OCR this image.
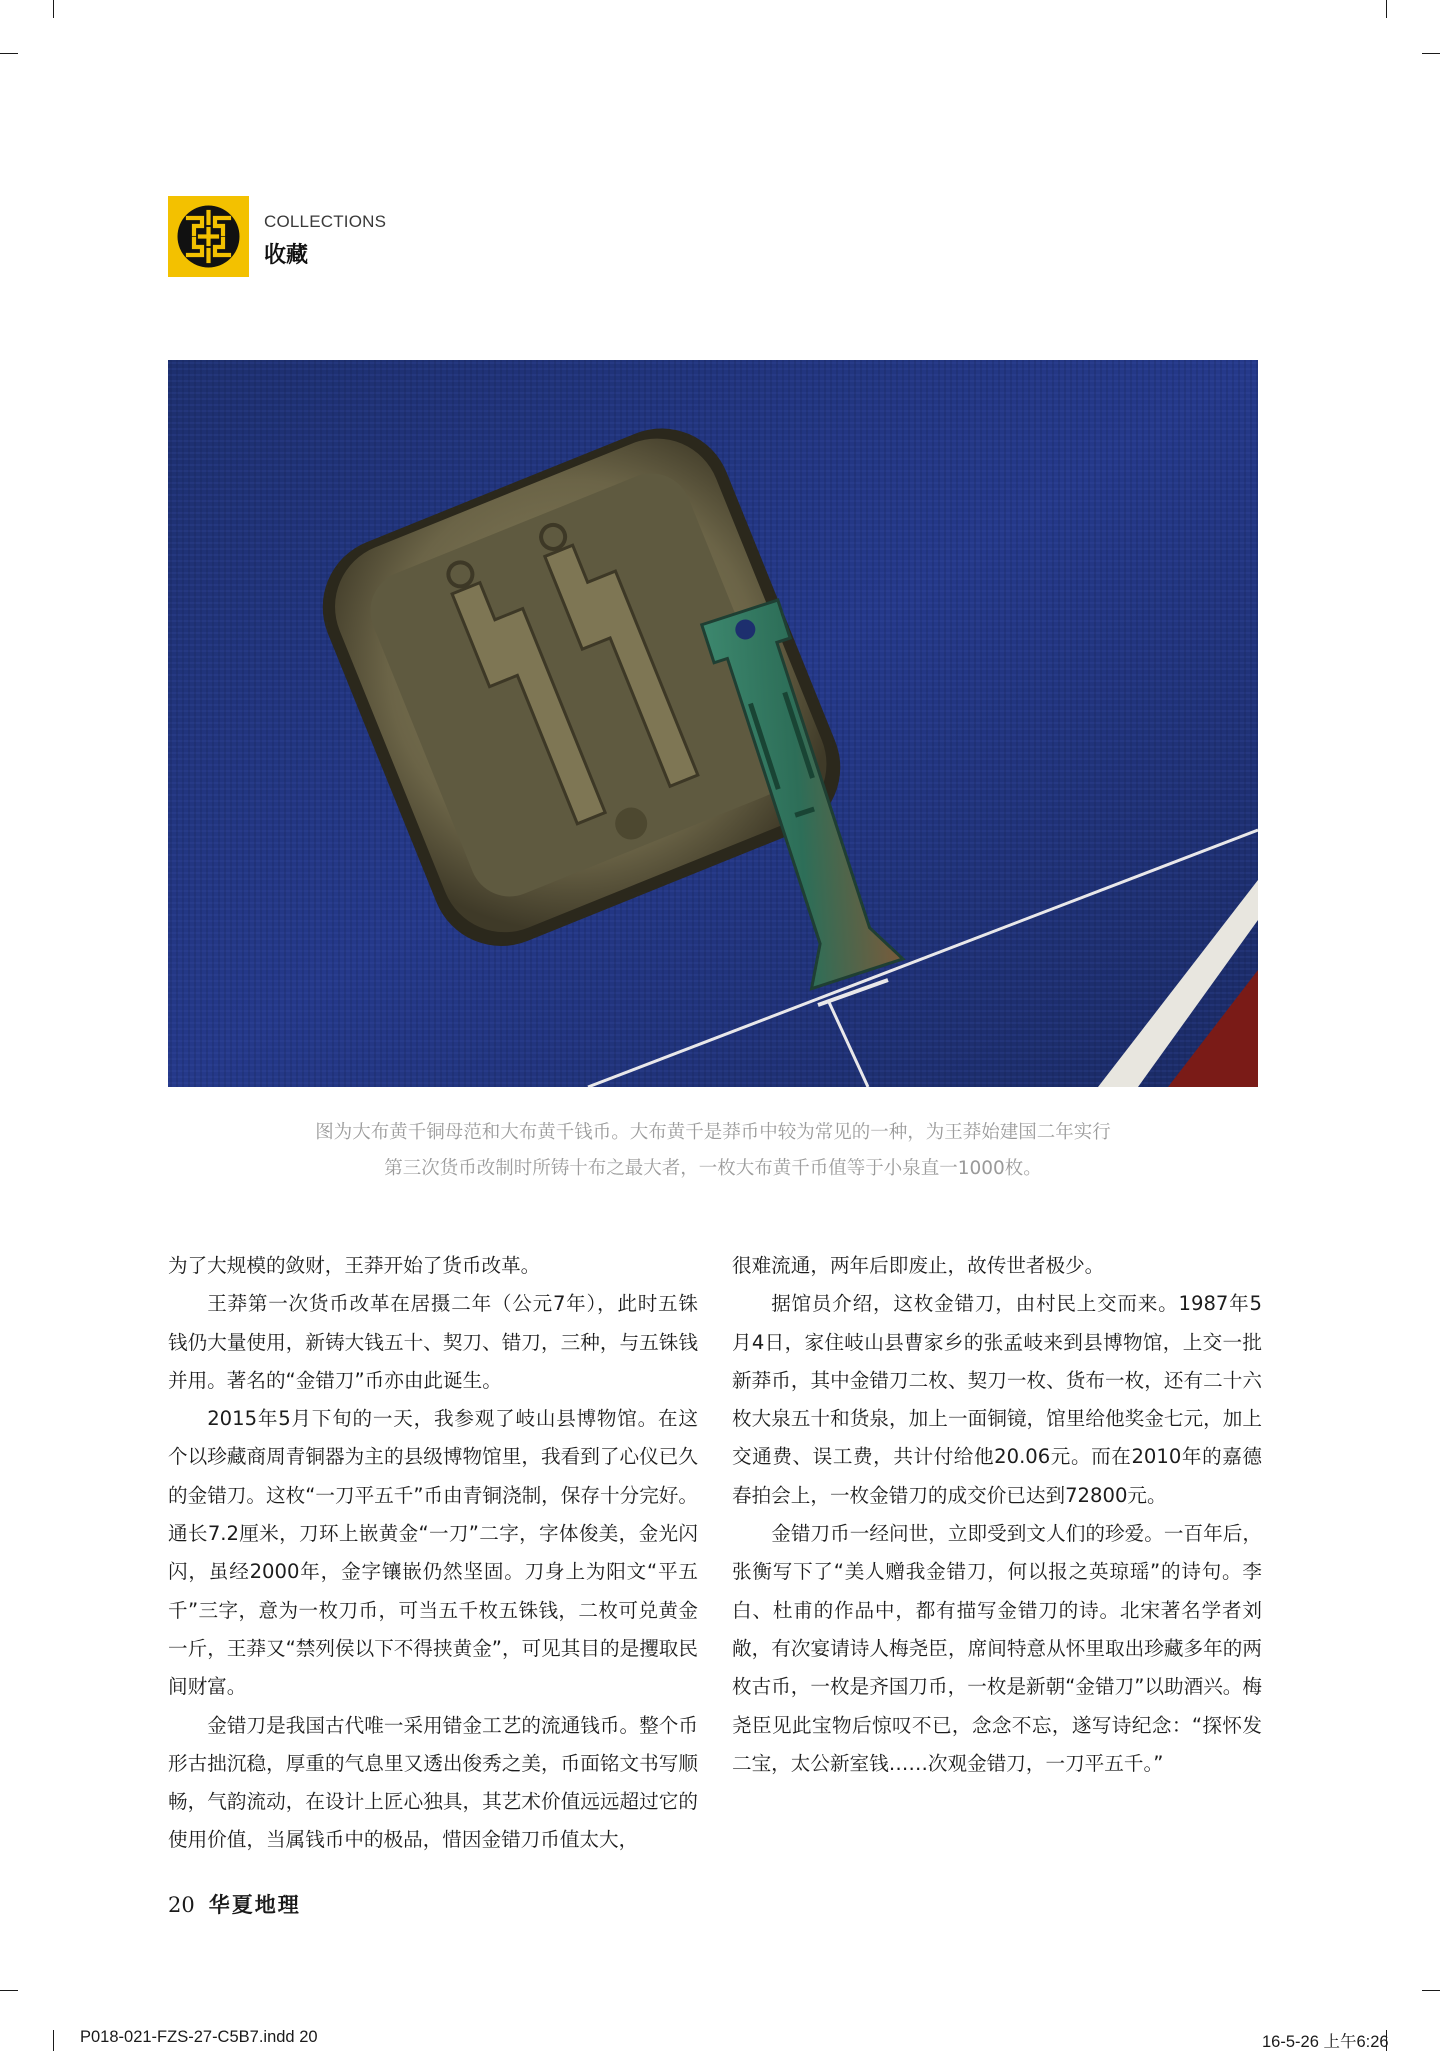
COLLECTIONS
收藏
图为大布黄千铜母范和大布黄千钱币。大布黄千是莽币中较为常见的一种，为王莽始建国二年实行
第三次货币改制时所铸十布之最大者，一枚大布黄千币值等于小泉直一1000枚。

为了大规模的敛财，王莽开始了货币改革。

王莽第一次货币改革在居摄二年（公元7年），此时五铢钱仍大量使用，新铸大钱五十、契刀、错刀，三种，与五铢钱并用。著名的“金错刀”币亦由此诞生。

2015年5月下旬的一天，我参观了岐山县博物馆。在这个以珍藏商周青铜器为主的县级博物馆里，我看到了心仪已久的金错刀。这枚“一刀平五千”币由青铜浇制，保存十分完好。通长7.2厘米，刀环上嵌黄金“一刀”二字，字体俊美，金光闪闪，虽经2000年，金字镶嵌仍然坚固。刀身上为阳文“平五千”三字，意为一枚刀币，可当五千枚五铢钱，二枚可兑黄金一斤，王莽又“禁列侯以下不得挟黄金”，可见其目的是攫取民间财富。

金错刀是我国古代唯一采用错金工艺的流通钱币。整个币形古拙沉稳，厚重的气息里又透出俊秀之美，币面铭文书写顺畅，气韵流动，在设计上匠心独具，其艺术价值远远超过它的使用价值，当属钱币中的极品，惜因金错刀币值太大，

很难流通，两年后即废止，故传世者极少。

据馆员介绍，这枚金错刀，由村民上交而来。1987年5月4日，家住岐山县曹家乡的张孟岐来到县博物馆，上交一批新莽币，其中金错刀二枚、契刀一枚、货布一枚，还有二十六枚大泉五十和货泉，加上一面铜镜，馆里给他奖金七元，加上交通费、误工费，共计付给他20.06元。而在2010年的嘉德春拍会上，一枚金错刀的成交价已达到72800元。

金错刀币一经问世，立即受到文人们的珍爱。一百年后，张衡写下了“美人赠我金错刀，何以报之英琼瑶”的诗句。李白、杜甫的作品中，都有描写金错刀的诗。北宋著名学者刘敞，有次宴请诗人梅尧臣，席间特意从怀里取出珍藏多年的两枚古币，一枚是齐国刀币，一枚是新朝“金错刀”以助酒兴。梅尧臣见此宝物后惊叹不已，念念不忘，遂写诗纪念：“探怀发二宝，太公新室钱……次观金错刀，一刀平五千。”

20 华夏地理
P018-021-FZS-27-C5B7.indd 20	16-5-26 上午6:26
